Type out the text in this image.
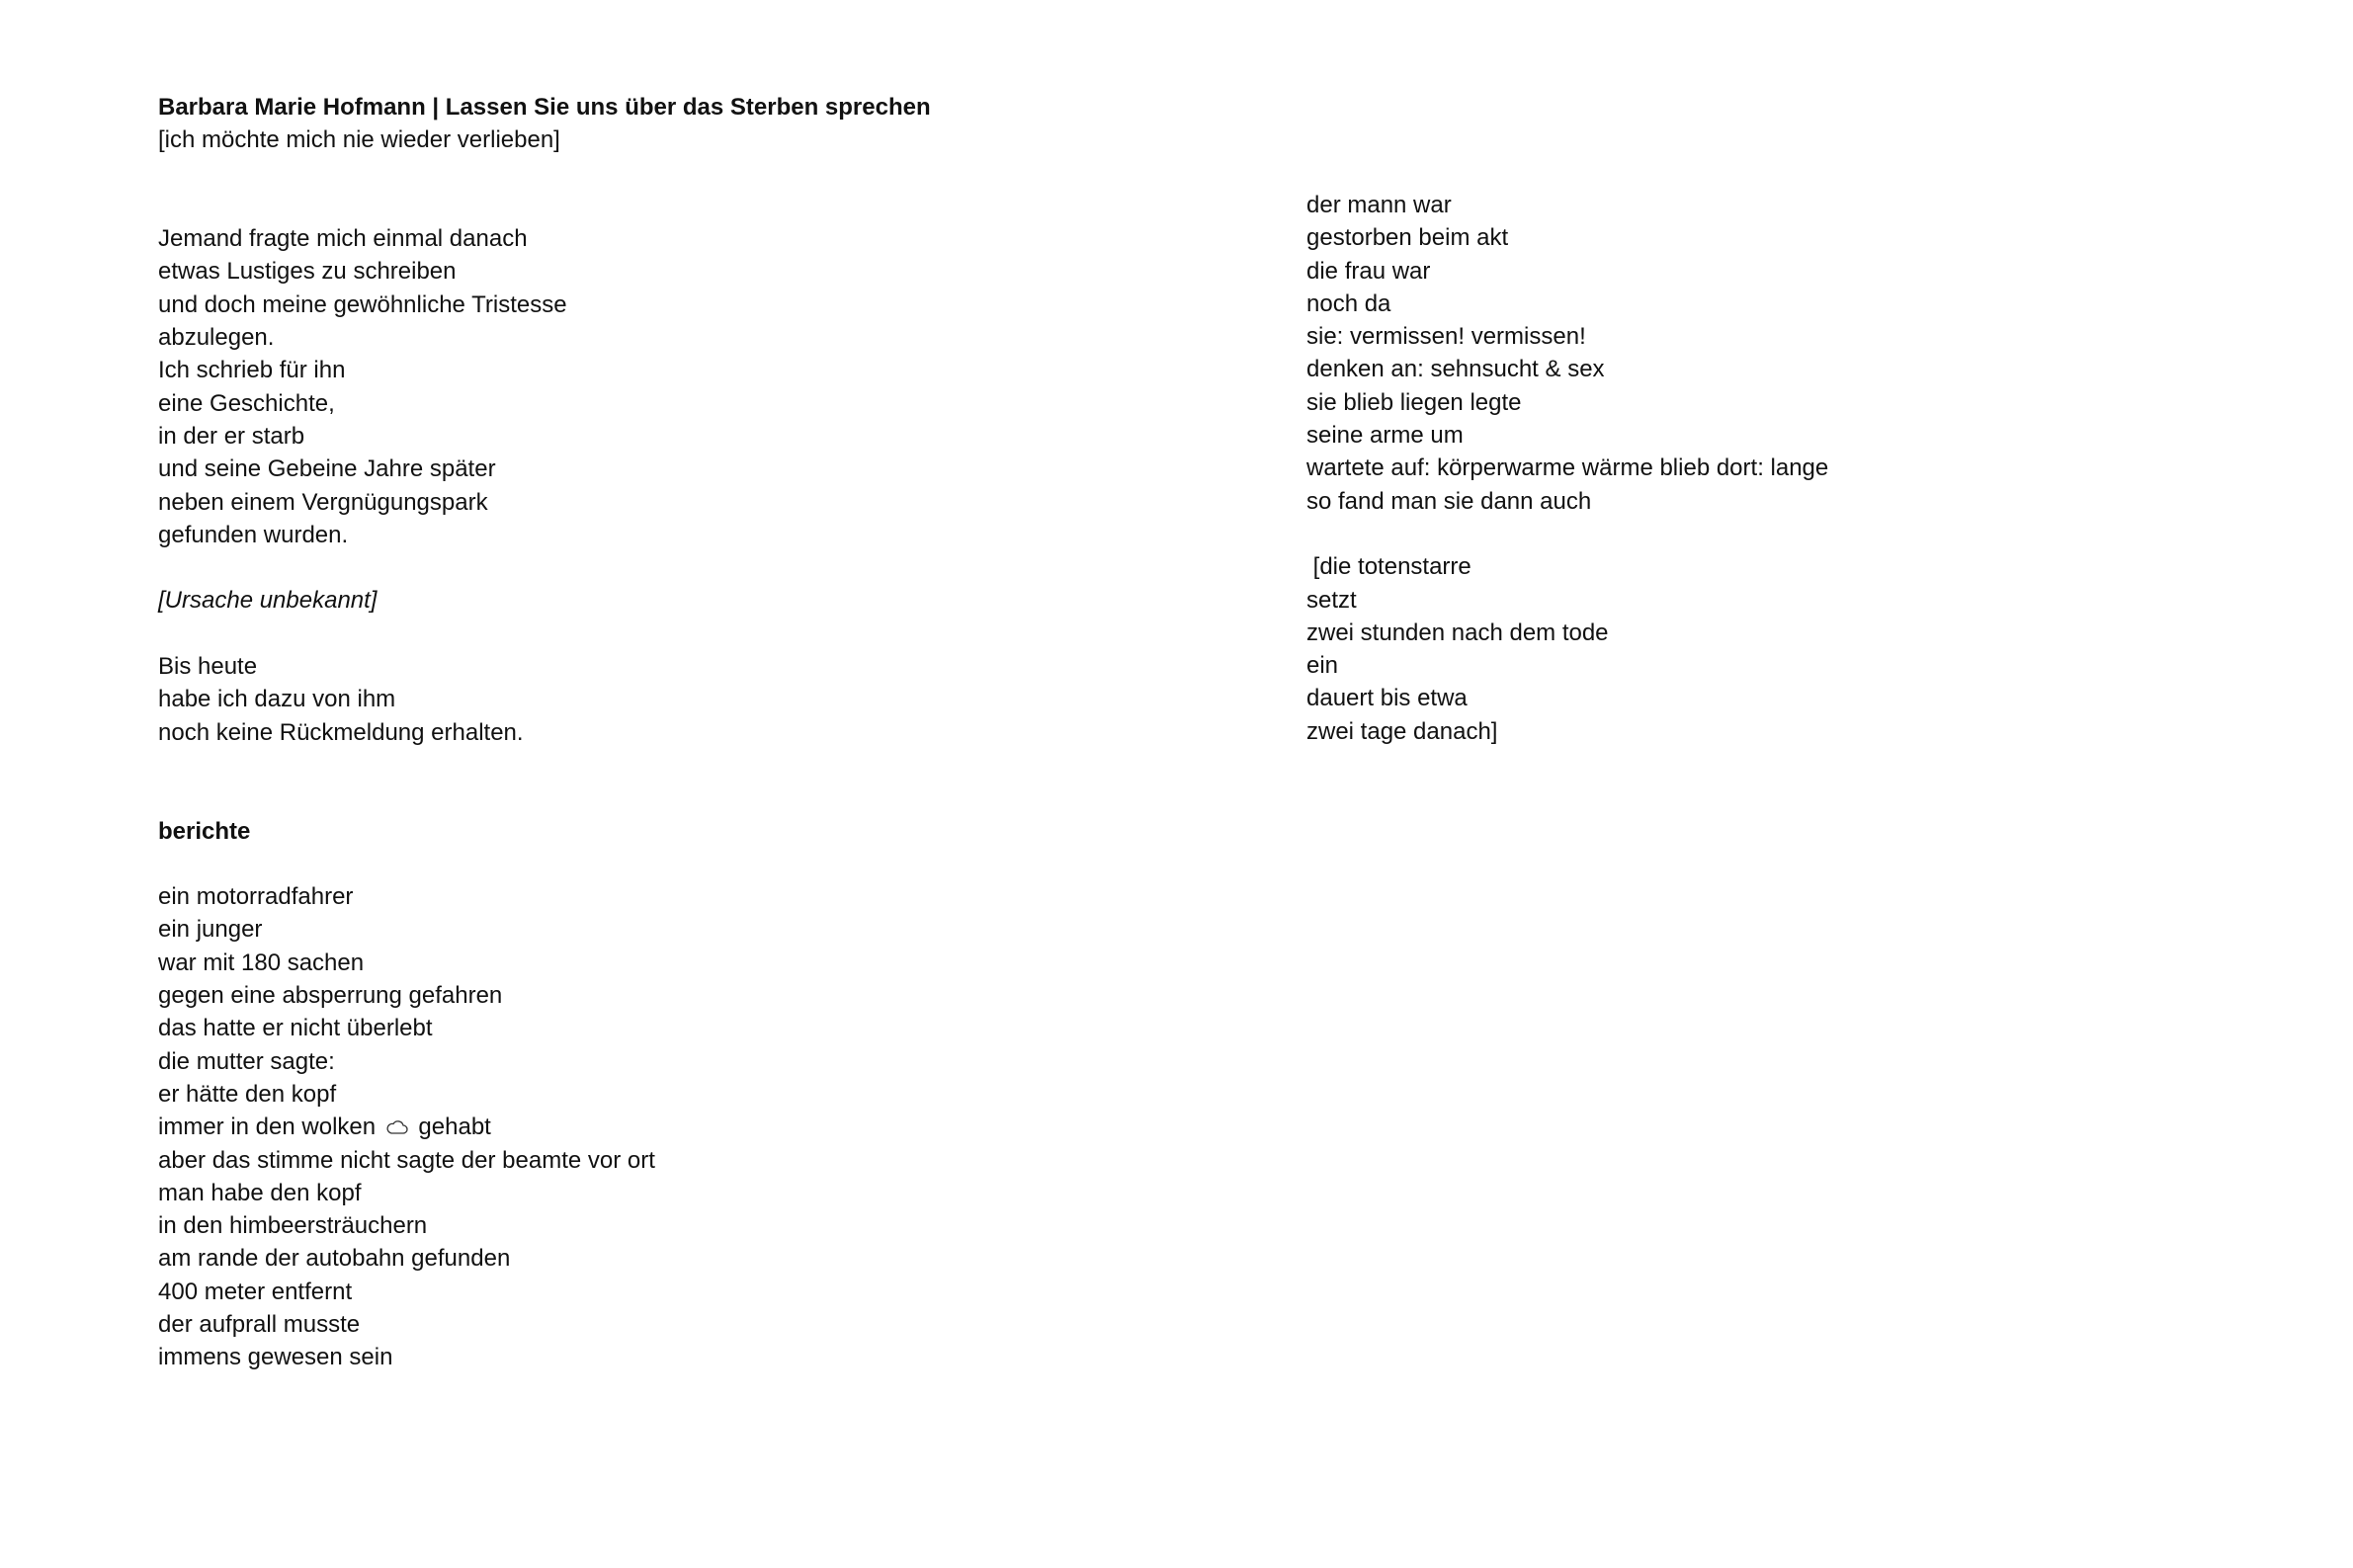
Barbara Marie Hofmann | Lassen Sie uns über das Sterben sprechen
[ich möchte mich nie wieder verlieben]
Jemand fragte mich einmal danach
etwas Lustiges zu schreiben
und doch meine gewöhnliche Tristesse
abzulegen.
Ich schrieb für ihn
eine Geschichte,
in der er starb
und seine Gebeine Jahre später
neben einem Vergnügungspark
gefunden wurden.
[Ursache unbekannt]
Bis heute
habe ich dazu von ihm
noch keine Rückmeldung erhalten.
berichte
ein motorradfahrer
ein junger
war mit 180 sachen
gegen eine absperrung gefahren
das hatte er nicht überlebt
die mutter sagte:
er hätte den kopf
immer in den wolken  gehabt
aber das stimme nicht sagte der beamte vor ort
man habe den kopf
in den himbeersträuchern
am rande der autobahn gefunden
400 meter entfernt
der aufprall musste
immens gewesen sein
der mann war
gestorben beim akt
die frau war
noch da
sie: vermissen! vermissen!
denken an: sehnsucht & sex
sie blieb liegen legte
seine arme um
wartete auf: körperwarme wärme blieb dort: lange
so fand man sie dann auch
[die totenstarre
setzt
zwei stunden nach dem tode
ein
dauert bis etwa
zwei tage danach]
